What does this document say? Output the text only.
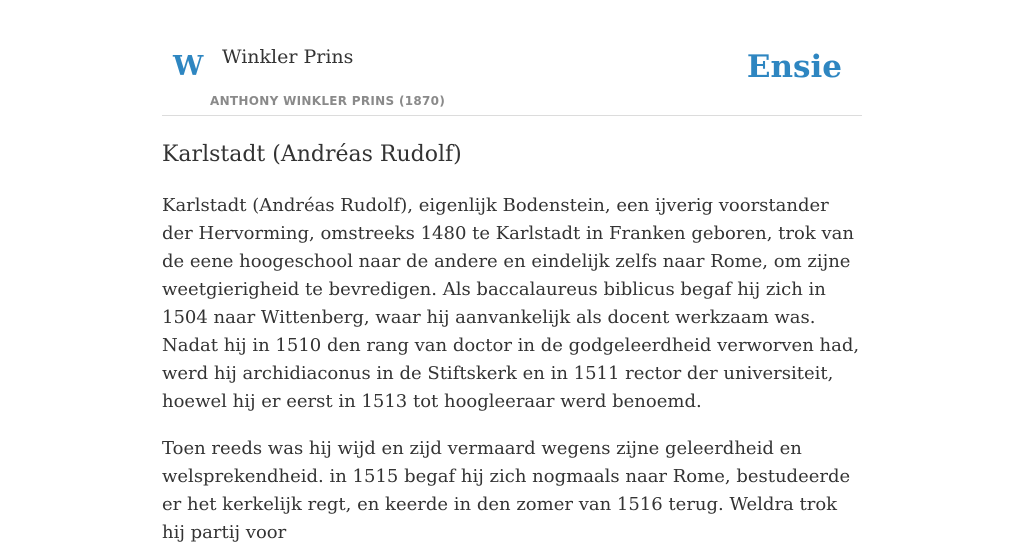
W Winkler Prins
ANTHONY WINKLER PRINS (1870)
Ensie
Karlstadt (Andréas Rudolf)

Karlstadt (Andréas Rudolf), eigenlijk Bodenstein, een ijverig voorstander der Hervorming, omstreeks 1480 te Karlstadt in Franken geboren, trok van de eene hoogeschool naar de andere en eindelijk zelfs naar Rome, om zijne weetgierigheid te bevredigen. Als baccalaureus biblicus begaf hij zich in 1504 naar Wittenberg, waar hij aanvankelijk als docent werkzaam was. Nadat hij in 1510 den rang van doctor in de godgeleerdheid verworven had, werd hij archidiaconus in de Stiftskerk en in 1511 rector der universiteit, hoewel hij er eerst in 1513 tot hoogleeraar werd benoemd.

Toen reeds was hij wijd en zijd vermaard wegens zijne geleerdheid en welsprekendheid. in 1515 begaf hij zich nogmaals naar Rome, bestudeerde er het kerkelijk regt, en keerde in den zomer van 1516 terug. Weldra trok hij partij voor
